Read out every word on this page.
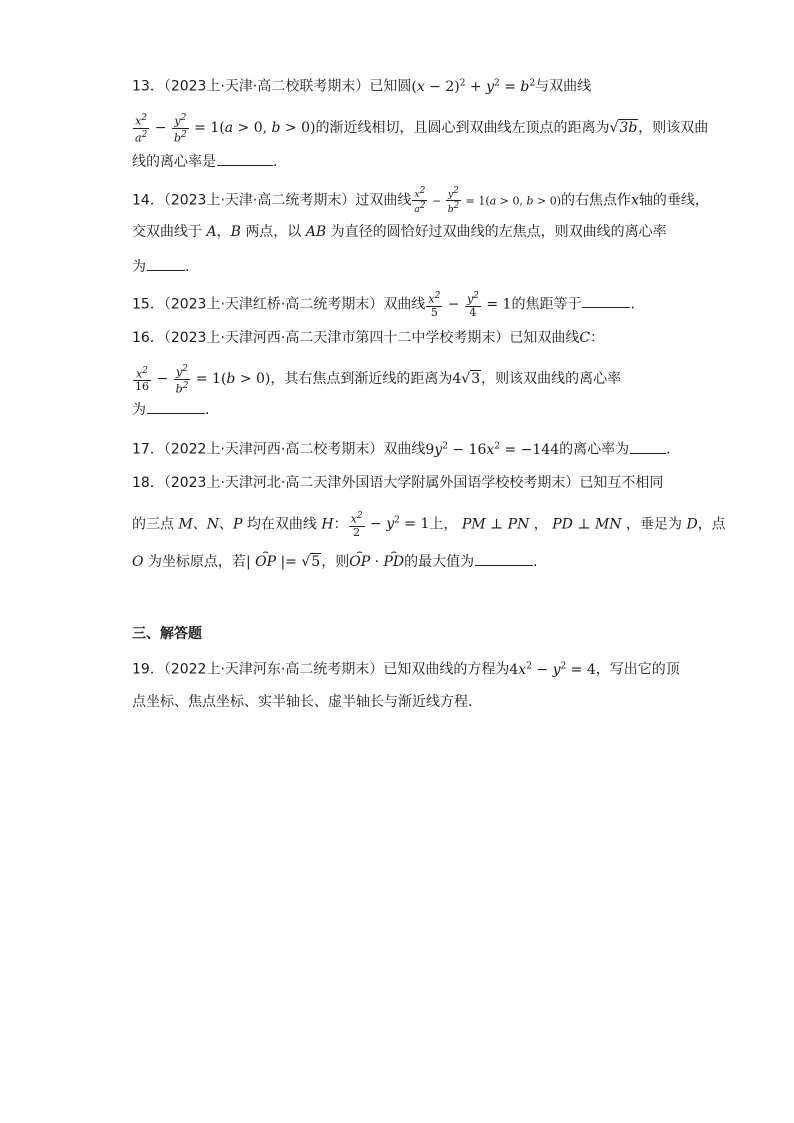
13．（2023上·天津·高二校联考期末）已知圆$(x - 2)^2 + y^2 = b^2$与双曲线
$\frac{x^2}{a^2} - \frac{y^2}{b^2} = 1(a > 0$, b > 0)的渐近线相切，且圆心到双曲线左顶点的距离为√3b，则该双曲
线的离心率是	.
14．（2023上·天津·高二统考期末）过双曲线 $\frac{x^2}{a^2} - \frac{y^2}{b^2} = 1(a > 0$, b > 0)的右焦点作x轴的垂线，
交双曲线于 A，B 两点，以 AB 为直径的圆恰好过双曲线的左焦点，则双曲线的离心率
为	.
15．（2023上·天津红桥·高二统考期末）双曲线 $\frac{x^2}{5} - \frac{y^2}{4} = 1$的焦距等于	.
16．（2023上·天津河西·高二天津市第四十二中学校考期末）已知双曲线C：
$\frac{x^2}{16} - \frac{y^2}{b^2} = 1(b > 0)$，其右焦点到渐近线的距离为4√3，则该双曲线的离心率
为	.
17．（2022上·天津河西·高二校考期末）双曲线$9y^2 - 16x^2 = -144$的离心率为	.
18．（2023上·天津河北·高二天津外国语大学附属外国语学校校考期末）已知互不相同
的三点 M、N、P 均在双曲线 H： $\frac{x^2}{2} - y^2 = 1$上， PM ⊥ PN ， PD ⊥ MN ，垂足为 D，点
O 为坐标原点，若| ⌢ OP |= √5，则⌢ OP · ⌢ PD的最大值为	.
三、解答题
19．（2022上·天津河东·高二统考期末）已知双曲线的方程为$4x^2 - y^2 = 4$，写出它的顶
点坐标、焦点坐标、实半轴长、虚半轴长与渐近线方程.
